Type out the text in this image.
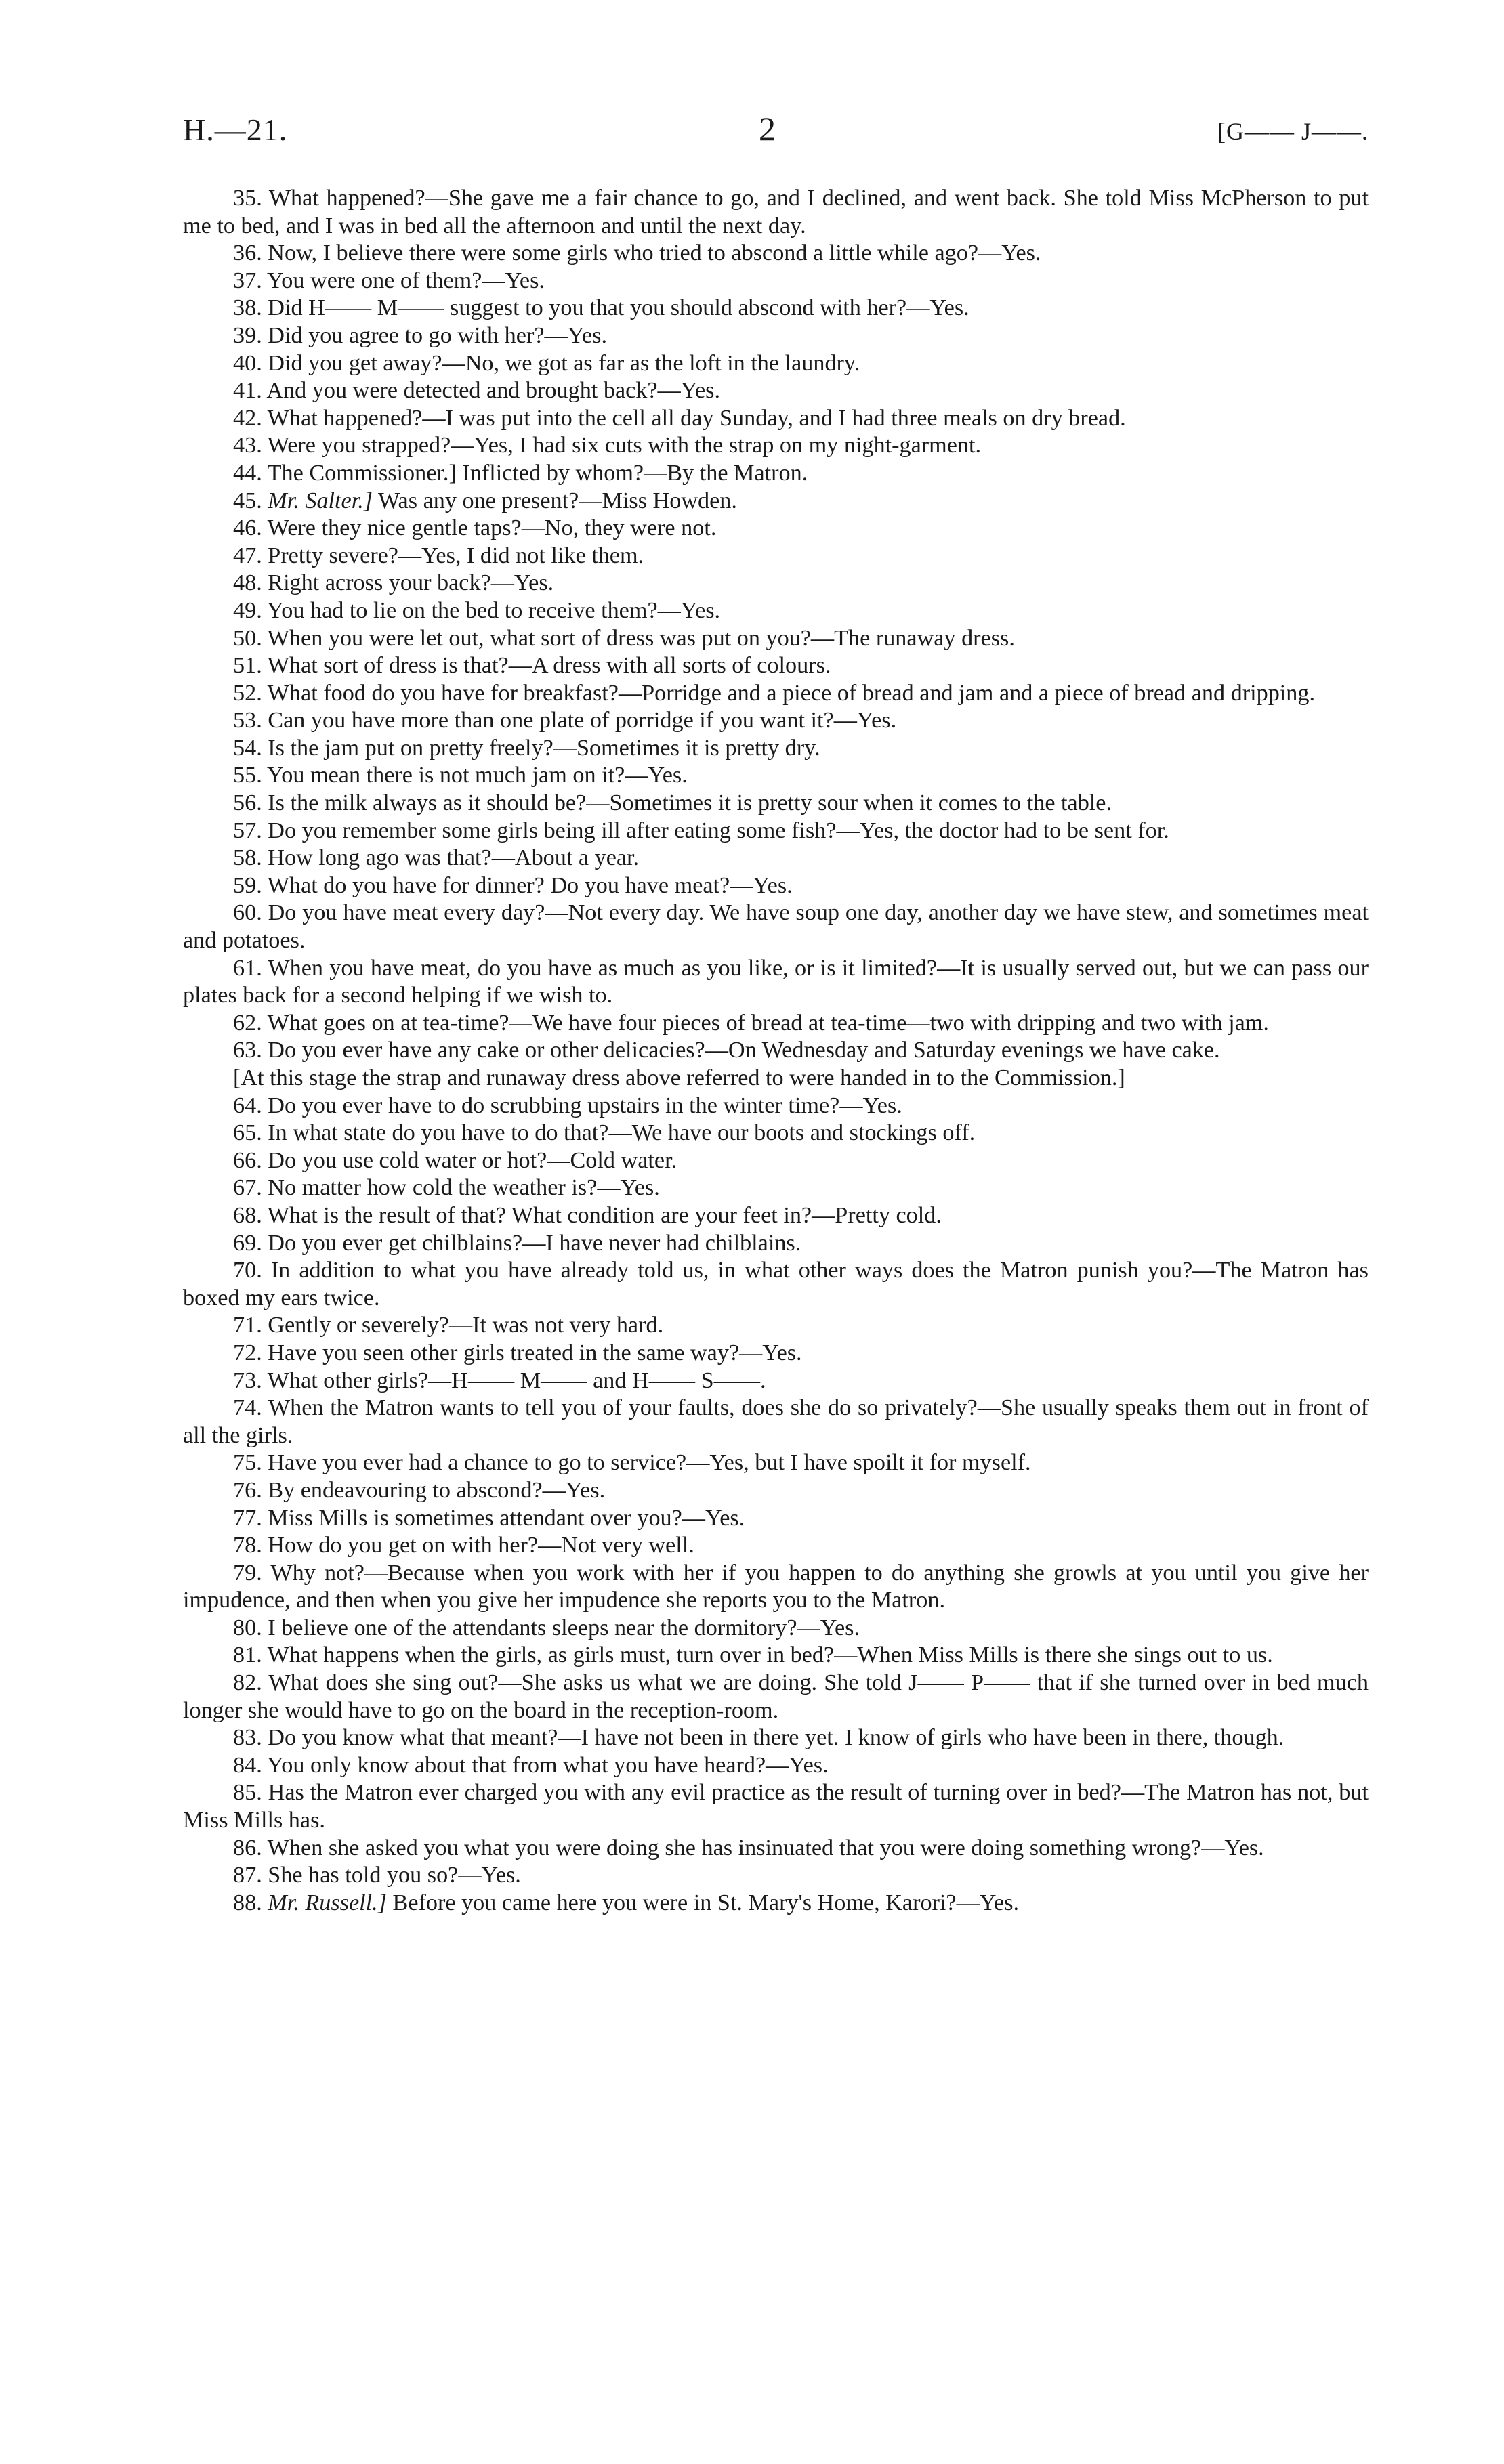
H.—21.	2	[G—— J——.

35. What happened?—She gave me a fair chance to go, and I declined, and went back. She told Miss McPherson to put me to bed, and I was in bed all the afternoon and until the next day.

36. Now, I believe there were some girls who tried to abscond a little while ago?—Yes.

37. You were one of them?—Yes.

38. Did H—— M—— suggest to you that you should abscond with her?—Yes.

39. Did you agree to go with her?—Yes.

40. Did you get away?—No, we got as far as the loft in the laundry.

41. And you were detected and brought back?—Yes.

42. What happened?—I was put into the cell all day Sunday, and I had three meals on dry bread.

43. Were you strapped?—Yes, I had six cuts with the strap on my night-garment.

44. The Commissioner.] Inflicted by whom?—By the Matron.

45. Mr. Salter.] Was any one present?—Miss Howden.

46. Were they nice gentle taps?—No, they were not.

47. Pretty severe?—Yes, I did not like them.

48. Right across your back?—Yes.

49. You had to lie on the bed to receive them?—Yes.

50. When you were let out, what sort of dress was put on you?—The runaway dress.

51. What sort of dress is that?—A dress with all sorts of colours.

52. What food do you have for breakfast?—Porridge and a piece of bread and jam and a piece of bread and dripping.

53. Can you have more than one plate of porridge if you want it?—Yes.

54. Is the jam put on pretty freely?—Sometimes it is pretty dry.

55. You mean there is not much jam on it?—Yes.

56. Is the milk always as it should be?—Sometimes it is pretty sour when it comes to the table.

57. Do you remember some girls being ill after eating some fish?—Yes, the doctor had to be sent for.

58. How long ago was that?—About a year.

59. What do you have for dinner? Do you have meat?—Yes.

60. Do you have meat every day?—Not every day. We have soup one day, another day we have stew, and sometimes meat and potatoes.

61. When you have meat, do you have as much as you like, or is it limited?—It is usually served out, but we can pass our plates back for a second helping if we wish to.

62. What goes on at tea-time?—We have four pieces of bread at tea-time—two with dripping and two with jam.

63. Do you ever have any cake or other delicacies?—On Wednesday and Saturday evenings we have cake.

[At this stage the strap and runaway dress above referred to were handed in to the Commission.]

64. Do you ever have to do scrubbing upstairs in the winter time?—Yes.

65. In what state do you have to do that?—We have our boots and stockings off.

66. Do you use cold water or hot?—Cold water.

67. No matter how cold the weather is?—Yes.

68. What is the result of that? What condition are your feet in?—Pretty cold.

69. Do you ever get chilblains?—I have never had chilblains.

70. In addition to what you have already told us, in what other ways does the Matron punish you?—The Matron has boxed my ears twice.

71. Gently or severely?—It was not very hard.

72. Have you seen other girls treated in the same way?—Yes.

73. What other girls?—H—— M—— and H—— S——.

74. When the Matron wants to tell you of your faults, does she do so privately?—She usually speaks them out in front of all the girls.

75. Have you ever had a chance to go to service?—Yes, but I have spoilt it for myself.

76. By endeavouring to abscond?—Yes.

77. Miss Mills is sometimes attendant over you?—Yes.

78. How do you get on with her?—Not very well.

79. Why not?—Because when you work with her if you happen to do anything she growls at you until you give her impudence, and then when you give her impudence she reports you to the Matron.

80. I believe one of the attendants sleeps near the dormitory?—Yes.

81. What happens when the girls, as girls must, turn over in bed?—When Miss Mills is there she sings out to us.

82. What does she sing out?—She asks us what we are doing. She told J—— P—— that if she turned over in bed much longer she would have to go on the board in the reception-room.

83. Do you know what that meant?—I have not been in there yet. I know of girls who have been in there, though.

84. You only know about that from what you have heard?—Yes.

85. Has the Matron ever charged you with any evil practice as the result of turning over in bed?—The Matron has not, but Miss Mills has.

86. When she asked you what you were doing she has insinuated that you were doing something wrong?—Yes.

87. She has told you so?—Yes.

88. Mr. Russell.] Before you came here you were in St. Mary's Home, Karori?—Yes.
